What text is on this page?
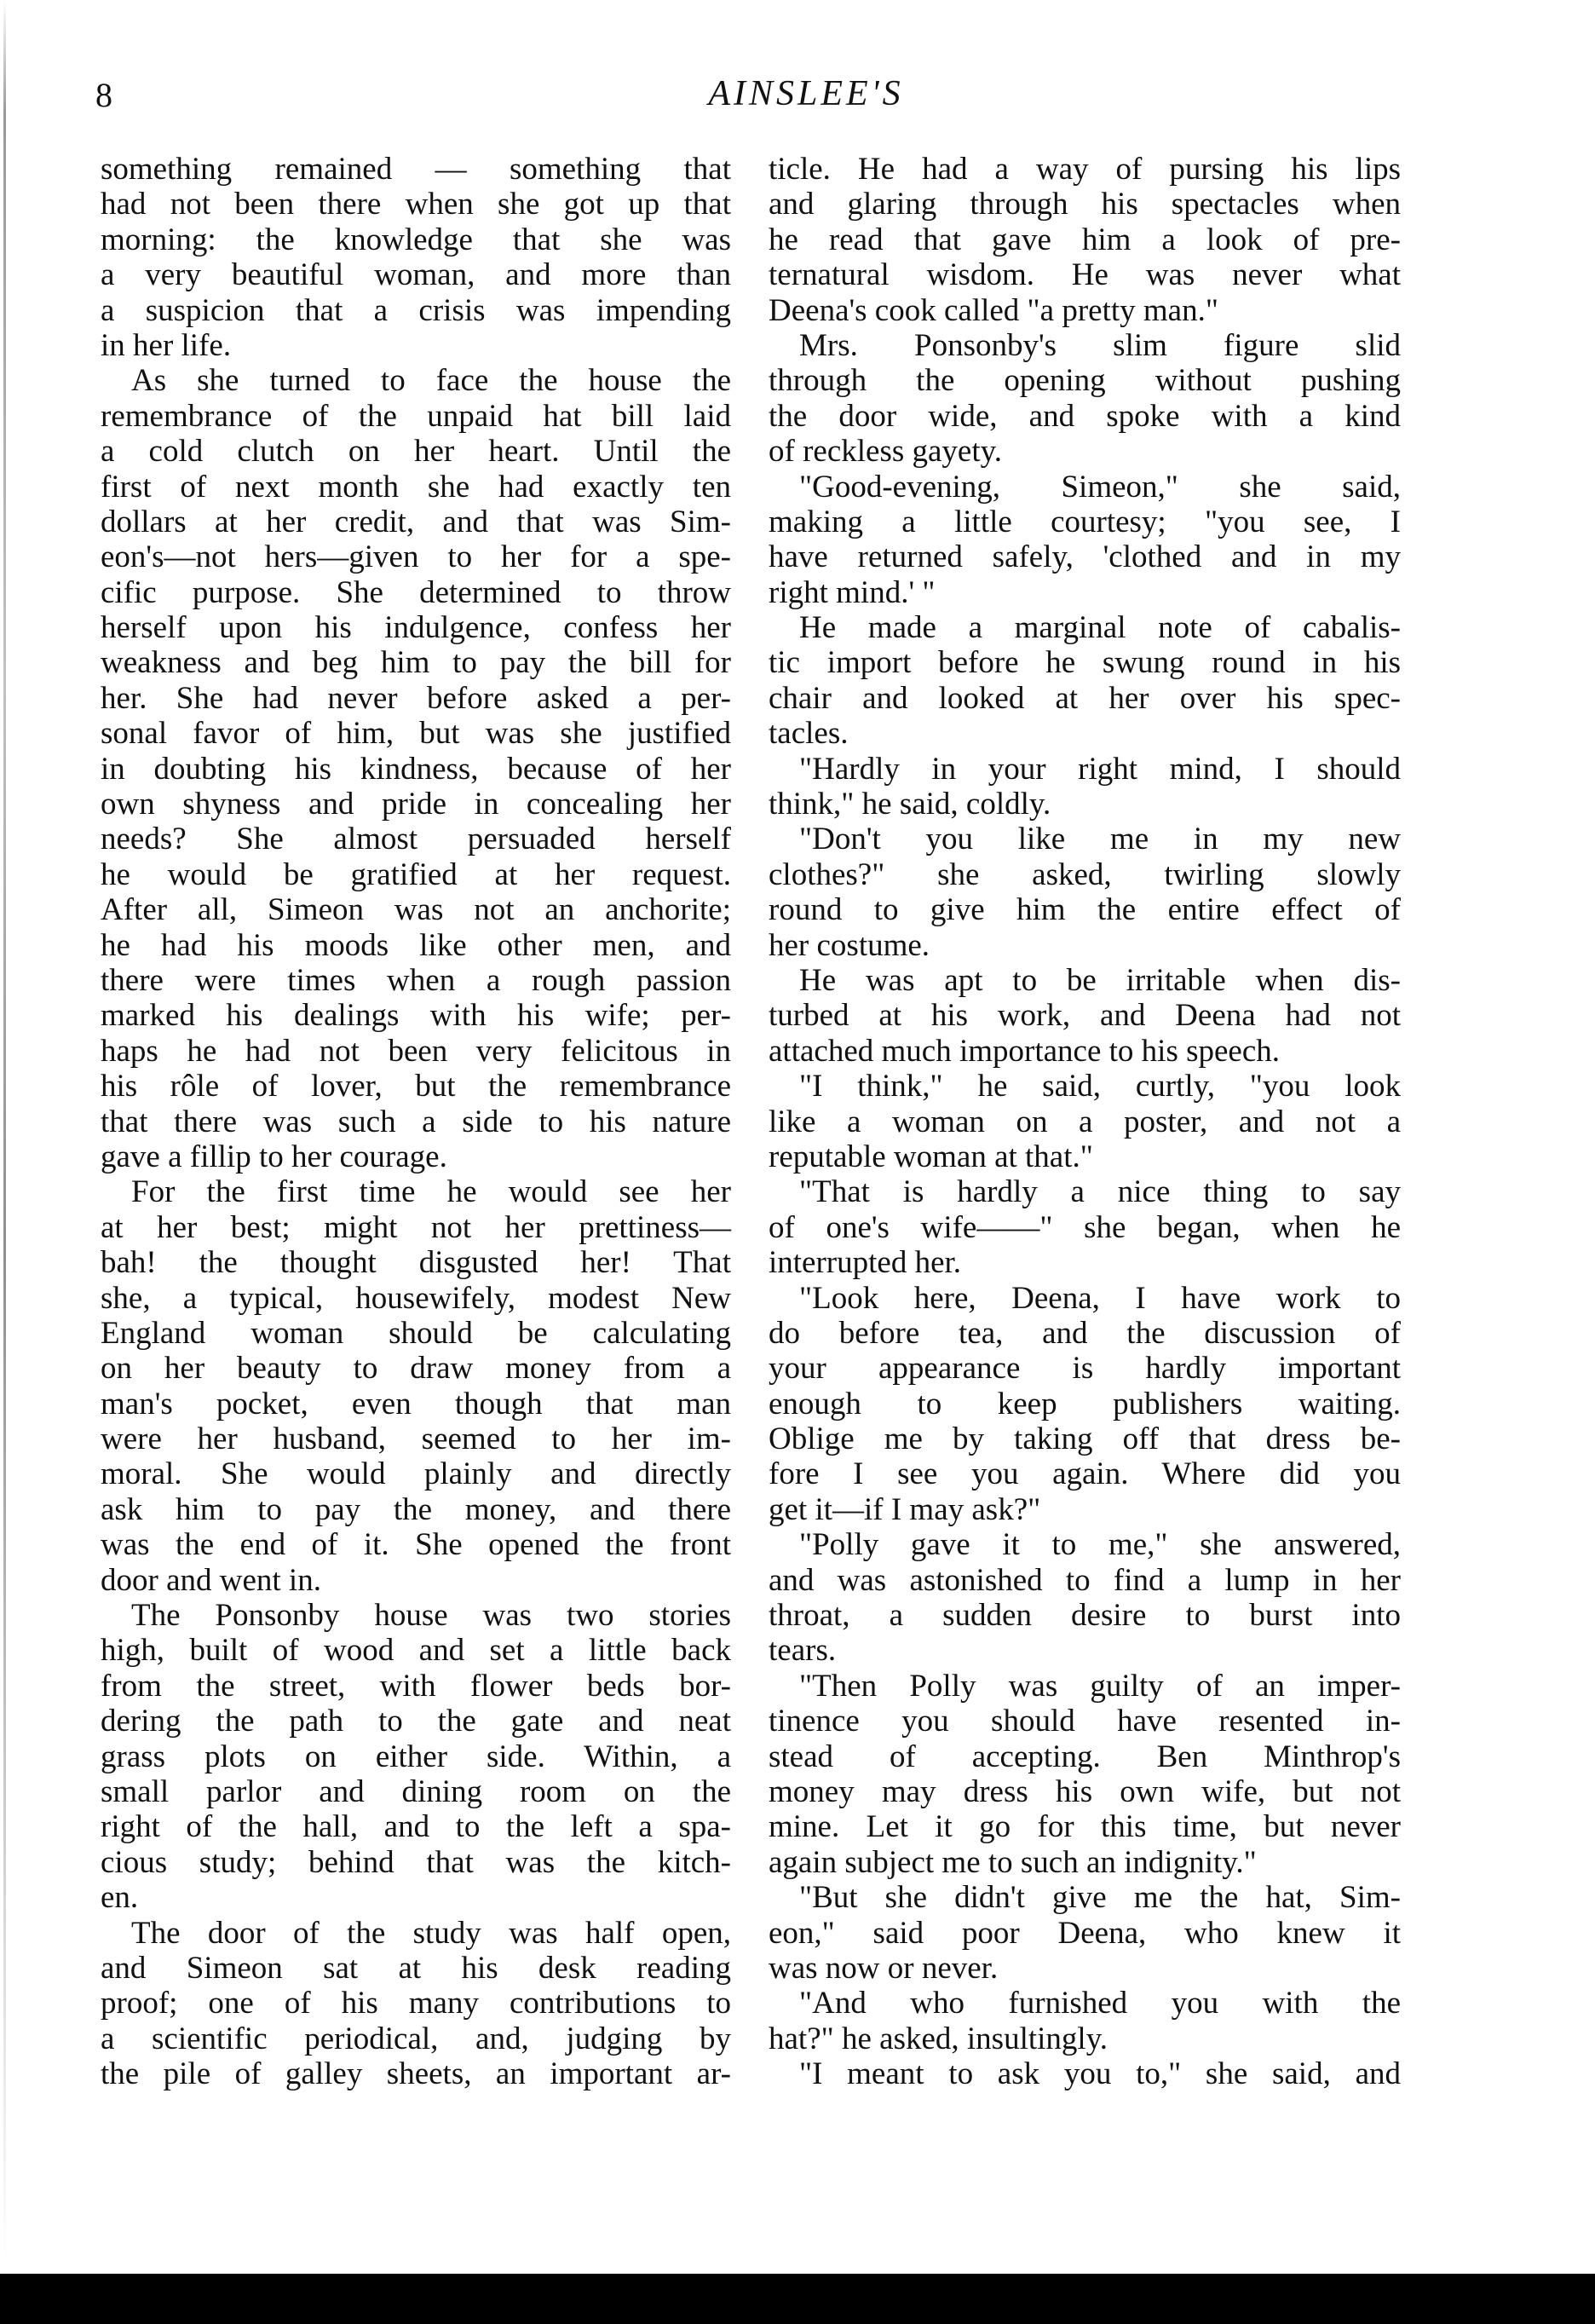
8	AINSLEE'S
something remained — something that
had not been there when she got up that
morning: the knowledge that she was
a very beautiful woman, and more than
a suspicion that a crisis was impending
in her life.
As she turned to face the house the
remembrance of the unpaid hat bill laid
a cold clutch on her heart. Until the
first of next month she had exactly ten
dollars at her credit, and that was Sim-
eon's—not hers—given to her for a spe-
cific purpose. She determined to throw
herself upon his indulgence, confess her
weakness and beg him to pay the bill for
her. She had never before asked a per-
sonal favor of him, but was she justified
in doubting his kindness, because of her
own shyness and pride in concealing her
needs? She almost persuaded herself
he would be gratified at her request.
After all, Simeon was not an anchorite;
he had his moods like other men, and
there were times when a rough passion
marked his dealings with his wife; per-
haps he had not been very felicitous in
his rôle of lover, but the remembrance
that there was such a side to his nature
gave a fillip to her courage.
For the first time he would see her
at her best; might not her prettiness—
bah! the thought disgusted her! That
she, a typical, housewifely, modest New
England woman should be calculating
on her beauty to draw money from a
man's pocket, even though that man
were her husband, seemed to her im-
moral. She would plainly and directly
ask him to pay the money, and there
was the end of it. She opened the front
door and went in.
The Ponsonby house was two stories
high, built of wood and set a little back
from the street, with flower beds bor-
dering the path to the gate and neat
grass plots on either side. Within, a
small parlor and dining room on the
right of the hall, and to the left a spa-
cious study; behind that was the kitch-
en.
The door of the study was half open,
and Simeon sat at his desk reading
proof; one of his many contributions to
a scientific periodical, and, judging by
the pile of galley sheets, an important ar-
ticle. He had a way of pursing his lips
and glaring through his spectacles when
he read that gave him a look of pre-
ternatural wisdom. He was never what
Deena's cook called "a pretty man."
Mrs. Ponsonby's slim figure slid
through the opening without pushing
the door wide, and spoke with a kind
of reckless gayety.
"Good-evening, Simeon," she said,
making a little courtesy; "you see, I
have returned safely, 'clothed and in my
right mind.' "
He made a marginal note of cabalis-
tic import before he swung round in his
chair and looked at her over his spec-
tacles.
"Hardly in your right mind, I should
think," he said, coldly.
"Don't you like me in my new
clothes?" she asked, twirling slowly
round to give him the entire effect of
her costume.
He was apt to be irritable when dis-
turbed at his work, and Deena had not
attached much importance to his speech.
"I think," he said, curtly, "you look
like a woman on a poster, and not a
reputable woman at that."
"That is hardly a nice thing to say
of one's wife——" she began, when he
interrupted her.
"Look here, Deena, I have work to
do before tea, and the discussion of
your appearance is hardly important
enough to keep publishers waiting.
Oblige me by taking off that dress be-
fore I see you again. Where did you
get it—if I may ask?"
"Polly gave it to me," she answered,
and was astonished to find a lump in her
throat, a sudden desire to burst into
tears.
"Then Polly was guilty of an imper-
tinence you should have resented in-
stead of accepting. Ben Minthrop's
money may dress his own wife, but not
mine. Let it go for this time, but never
again subject me to such an indignity."
"But she didn't give me the hat, Sim-
eon," said poor Deena, who knew it
was now or never.
"And who furnished you with the
hat?" he asked, insultingly.
"I meant to ask you to," she said, and
